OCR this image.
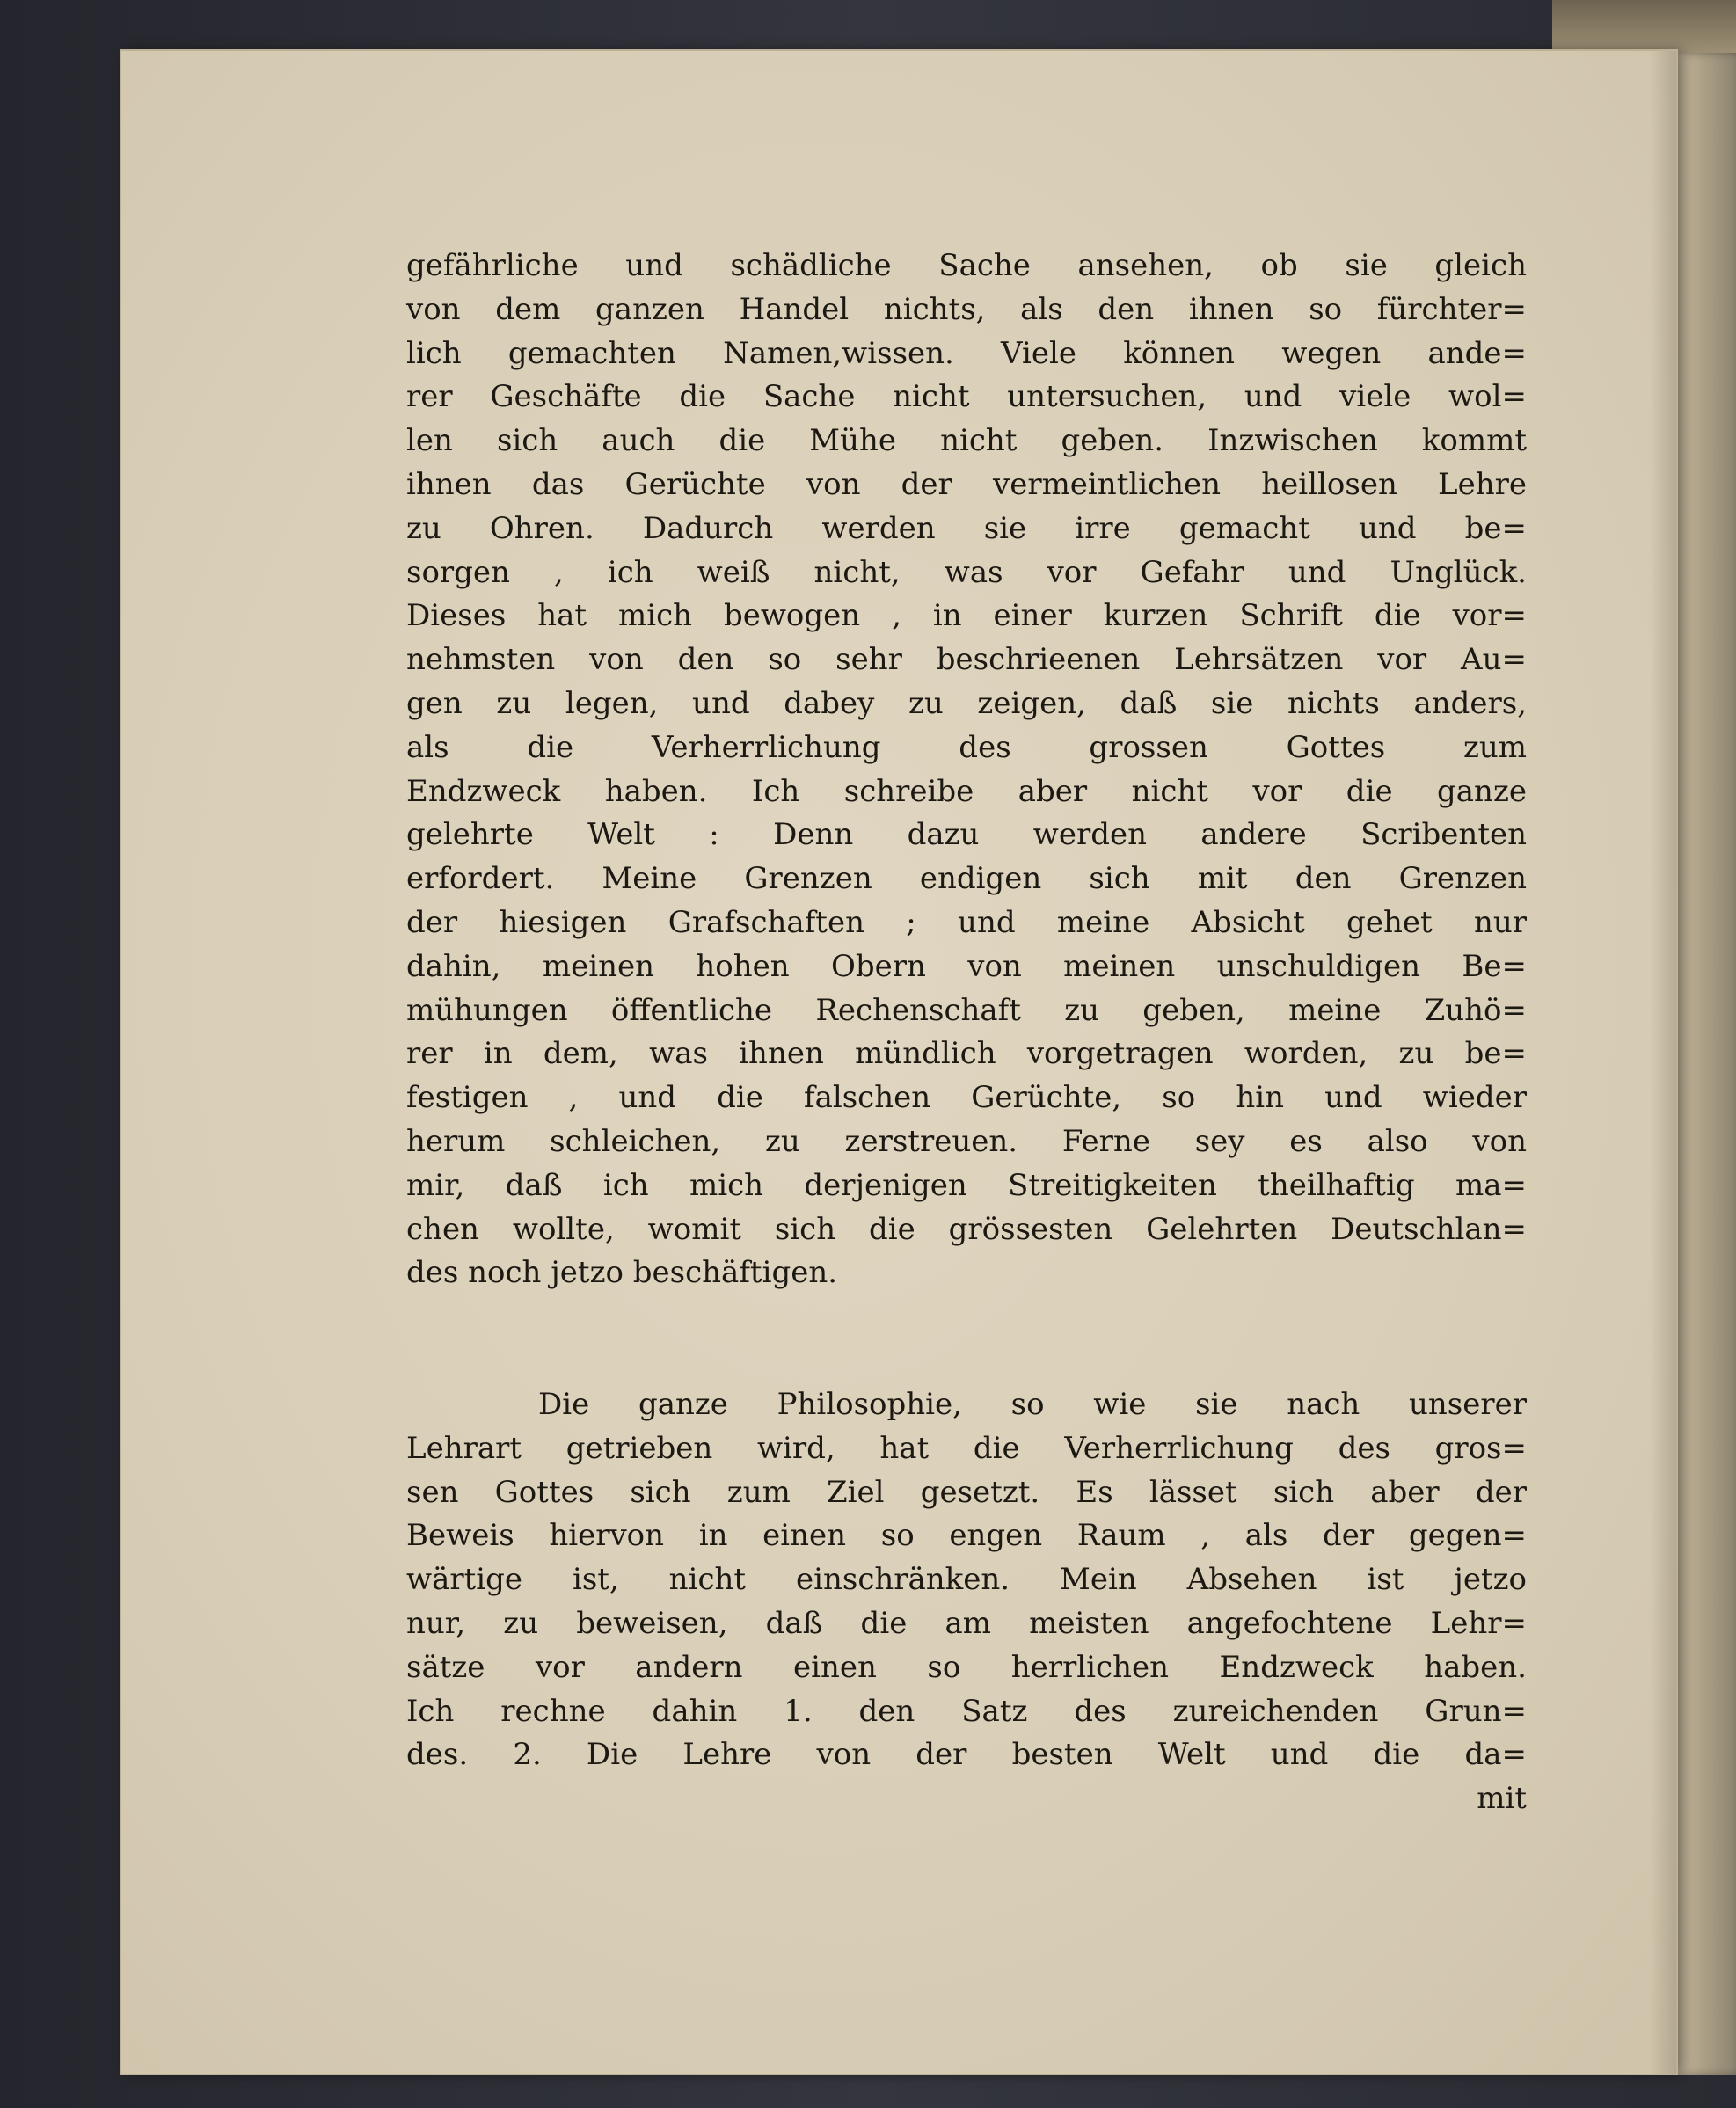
gefährliche und schädliche Sache ansehen, ob sie gleich
von dem ganzen Handel nichts, als den ihnen so fürchter=
lich gemachten Namen,wissen. Viele können wegen ande=
rer Geschäfte die Sache nicht untersuchen, und viele wol=
len sich auch die Mühe nicht geben. Inzwischen kommt
ihnen das Gerüchte von der vermeintlichen heillosen Lehre
zu Ohren. Dadurch werden sie irre gemacht und be=
sorgen , ich weiß nicht, was vor Gefahr und Unglück.
Dieses hat mich bewogen , in einer kurzen Schrift die vor=
nehmsten von den so sehr beschrieenen Lehrsätzen vor Au=
gen zu legen, und dabey zu zeigen, daß sie nichts anders,
als die Verherrlichung des grossen Gottes zum
Endzweck haben. Ich schreibe aber nicht vor die ganze
gelehrte Welt : Denn dazu werden andere Scribenten
erfordert. Meine Grenzen endigen sich mit den Grenzen
der hiesigen Grafschaften ; und meine Absicht gehet nur
dahin, meinen hohen Obern von meinen unschuldigen Be=
mühungen öffentliche Rechenschaft zu geben, meine Zuhö=
rer in dem, was ihnen mündlich vorgetragen worden, zu be=
festigen , und die falschen Gerüchte, so hin und wieder
herum schleichen, zu zerstreuen. Ferne sey es also von
mir, daß ich mich derjenigen Streitigkeiten theilhaftig ma=
chen wollte, womit sich die grössesten Gelehrten Deutschlan=
des noch jetzo beschäftigen.
Die ganze Philosophie, so wie sie nach unserer
Lehrart getrieben wird, hat die Verherrlichung des gros=
sen Gottes sich zum Ziel gesetzt. Es lässet sich aber der
Beweis hiervon in einen so engen Raum , als der gegen=
wärtige ist, nicht einschränken. Mein Absehen ist jetzo
nur, zu beweisen, daß die am meisten angefochtene Lehr=
sätze vor andern einen so herrlichen Endzweck haben.
Ich rechne dahin 1. den Satz des zureichenden Grun=
des. 2. Die Lehre von der besten Welt und die da=
mit
